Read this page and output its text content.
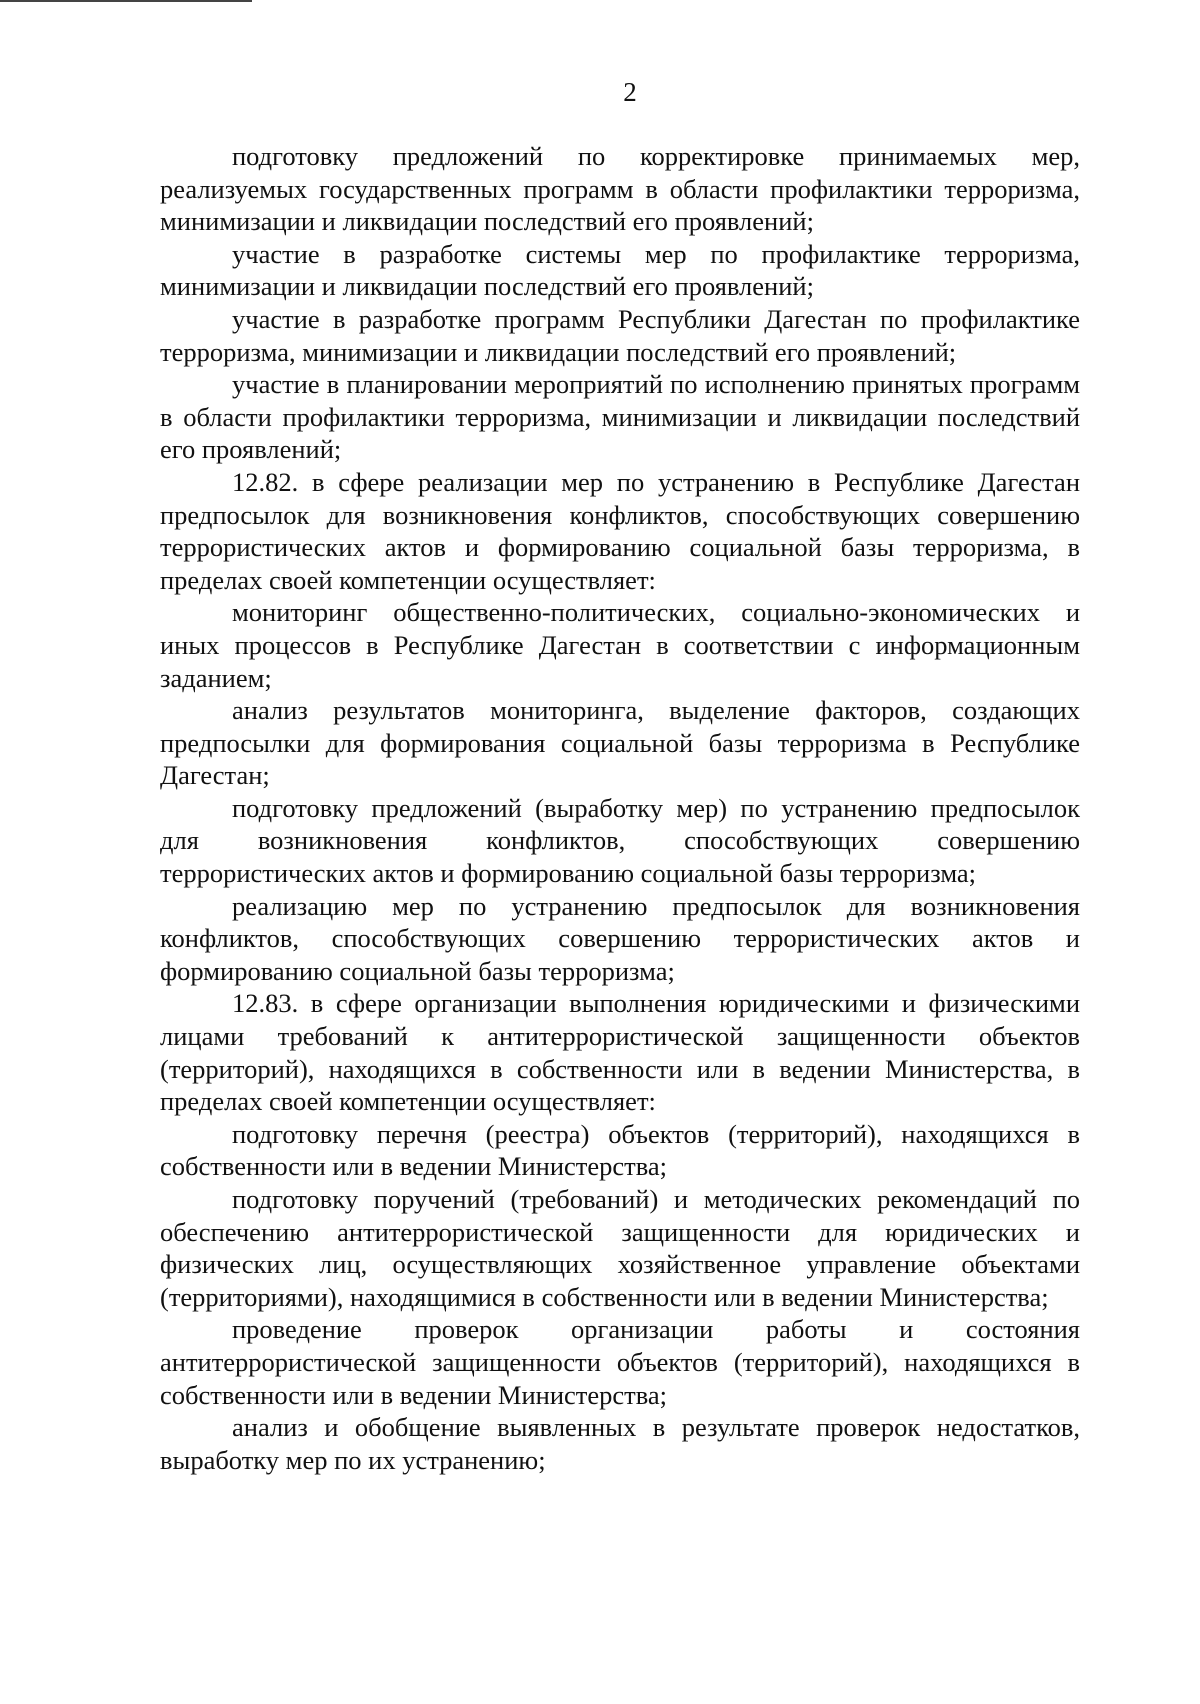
2

подготовку предложений по корректировке принимаемых мер, реализуемых государственных программ в области профилактики терроризма, минимизации и ликвидации последствий его проявлений;

участие в разработке системы мер по профилактике терроризма, минимизации и ликвидации последствий его проявлений;

участие в разработке программ Республики Дагестан по профилактике терроризма, минимизации и ликвидации последствий его проявлений;

участие в планировании мероприятий по исполнению принятых программ в области профилактики терроризма, минимизации и ликвидации последствий его проявлений;

12.82. в сфере реализации мер по устранению в Республике Дагестан предпосылок для возникновения конфликтов, способствующих совершению террористических актов и формированию социальной базы терроризма, в пределах своей компетенции осуществляет:

мониторинг общественно-политических, социально-экономических и иных процессов в Республике Дагестан в соответствии с информационным заданием;

анализ результатов мониторинга, выделение факторов, создающих предпосылки для формирования социальной базы терроризма в Республике Дагестан;

подготовку предложений (выработку мер) по устранению предпосылок для возникновения конфликтов, способствующих совершению террористических актов и формированию социальной базы терроризма;

реализацию мер по устранению предпосылок для возникновения конфликтов, способствующих совершению террористических актов и формированию социальной базы терроризма;

12.83. в сфере организации выполнения юридическими и физическими лицами требований к антитеррористической защищенности объектов (территорий), находящихся в собственности или в ведении Министерства, в пределах своей компетенции осуществляет:

подготовку перечня (реестра) объектов (территорий), находящихся в собственности или в ведении Министерства;

подготовку поручений (требований) и методических рекомендаций по обеспечению антитеррористической защищенности для юридических и физических лиц, осуществляющих хозяйственное управление объектами (территориями), находящимися в собственности или в ведении Министерства;

проведение проверок организации работы и состояния антитеррористической защищенности объектов (территорий), находящихся в собственности или в ведении Министерства;

анализ и обобщение выявленных в результате проверок недостатков, выработку мер по их устранению;
